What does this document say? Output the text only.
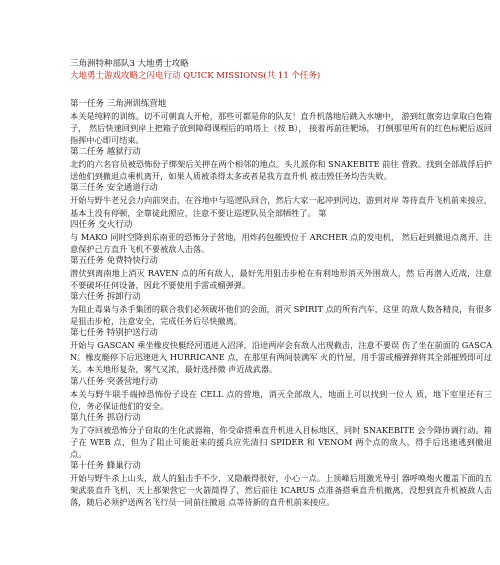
三角洲特种部队3 大地勇士攻略

大地勇士游戏攻略之闪电行动 QUICK MISSIONS(共 11 个任务)

第一任务 三角洲训练营地

本关是纯粹的训练。切不可朝真人开枪，那些可都是你的队友！直升机落地后跳入水塘中， 游到红旗旁边拿取白色箱子， 然后快速回到岸上把箱子放到障碍课程后的哨塔上（按 B）， 接着再前往靶场， 打倒那里所有的红色标靶后返回指挥中心即可结束。

第二任务 越狱行动

北约的六名官员被恐怖份子绑架后关押在两个相邻的地点。头儿派你和 SNAKEBITE 前往 营救。找到全部战俘后护送他们到撤退点乘机离开，如果人质被杀得太多或者是我方直升机 被击毁任务均告失败。

第三任务 安全通道行动

开始与野牛老兄会力向前突击，在谷地中与巡逻队回合，然后大家一起冲到河边，游到对岸 等待直升飞机前来接应，基本上没有停顿，全靠徒此照应，注意不要让巡逻队员全部牺牲了。 第

四任务 交火行动

与 MAKO 同时空降到东南亚的恐怖分子营地，用炸药包摧毁位于 ARCHER 点的发电机， 然后赶到撤退点离开，注意保护己方直升飞机不要被敌人击落。

第五任务 免费特快行动

潜伏到离南地上消灭 RAVEN 点的所有敌人，最好先用狙击步枪在有利地形消灭外围敌人，然 后再潜入近战，注意不要破坏任何设备，因此不要使用手雷或榴弹弹。

第六任务 拆卸行动

为阻止毒枭与杀手集团的联合我们必须破坏他们的会面，消灭 SPIRIT 点的所有汽车，这里 的敌人数各精良，有很多是狙击步枪，注意安全，完成任务后尽快撤离。

第七任务 特别护送行动

开始与 GASCAN 乘坐橡皮快艇经河道进入沼泽，沿途两岸会有敌人出现截击，注意不要误 伤了坐在前面的 GASCAN。橡皮艇停下后迅速进入 HURRICANE 点，在那里有两间装满军 火的竹屋，用手雷或榴弹弹将其全部摧毁即可过关。本关地形复杂，雾气又浓，最好选择微 声近战武器。

第八任务 突袭营地行动

本关与野牛联手端掉恐怖份子设在 CELL 点的营地，消灭全部敌人，地面上可以找到一位人 质，地下室里还有三位，务必保证他们的安全。

第九任务 抓窃行动

为了夺回被恐怖分子窃取的生化武器箱，你受命搭乘直升机进入目标地区，同时 SNAKEBITE 会今降协调行动。箱子在 WEB 点，但为了阻止可能赶来的援兵应先清扫 SPIDER 和 VENOM 两个点的敌人，得手后迅速逃到撤退点。

第十任务 蜂巢行动

开始与野牛杀上山头，敌人的狙击手不少，又隐蔽得很好，小心一点。上顶峰后用激光导引 器呼唤炮火覆盖下面的五架武装直升飞机，天上那架营它一火箭简得了，然后前往 ICARUS 点准备搭乘直升机撤离，没想到直升机被敌人击落，随后必须护送两名飞行员一同前往撤退 点等待新的直升机前来接应。
